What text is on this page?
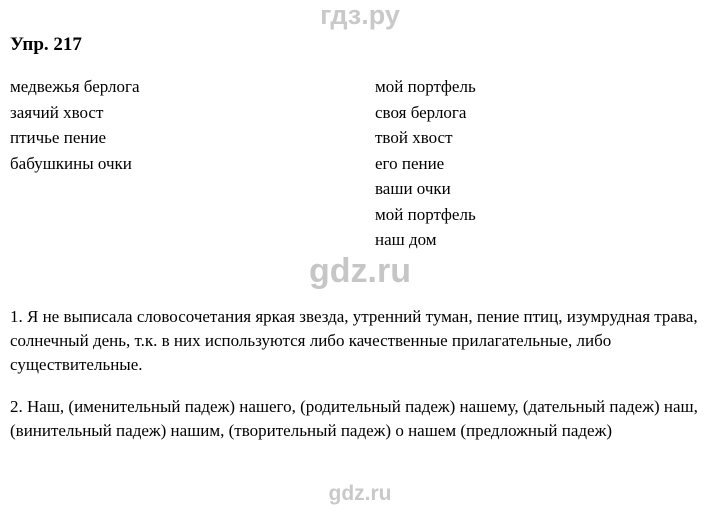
гдз.ру
Упр. 217
медвежья берлога
заячий хвост
птичье пение
бабушкины очки
мой портфель
своя берлога
твой хвост
его пение
ваши очки
мой портфель
наш дом
gdz.ru

1. Я не выписала словосочетания яркая звезда, утренний туман, пение птиц, изумрудная трава, солнечный день, т.к. в них используются либо качественные прилагательные, либо существительные.

2. Наш, (именительный падеж) нашего, (родительный падеж) нашему, (дательный падеж) наш, (винительный падеж) нашим, (творительный падеж) о нашем (предложный падеж)

gdz.ru
